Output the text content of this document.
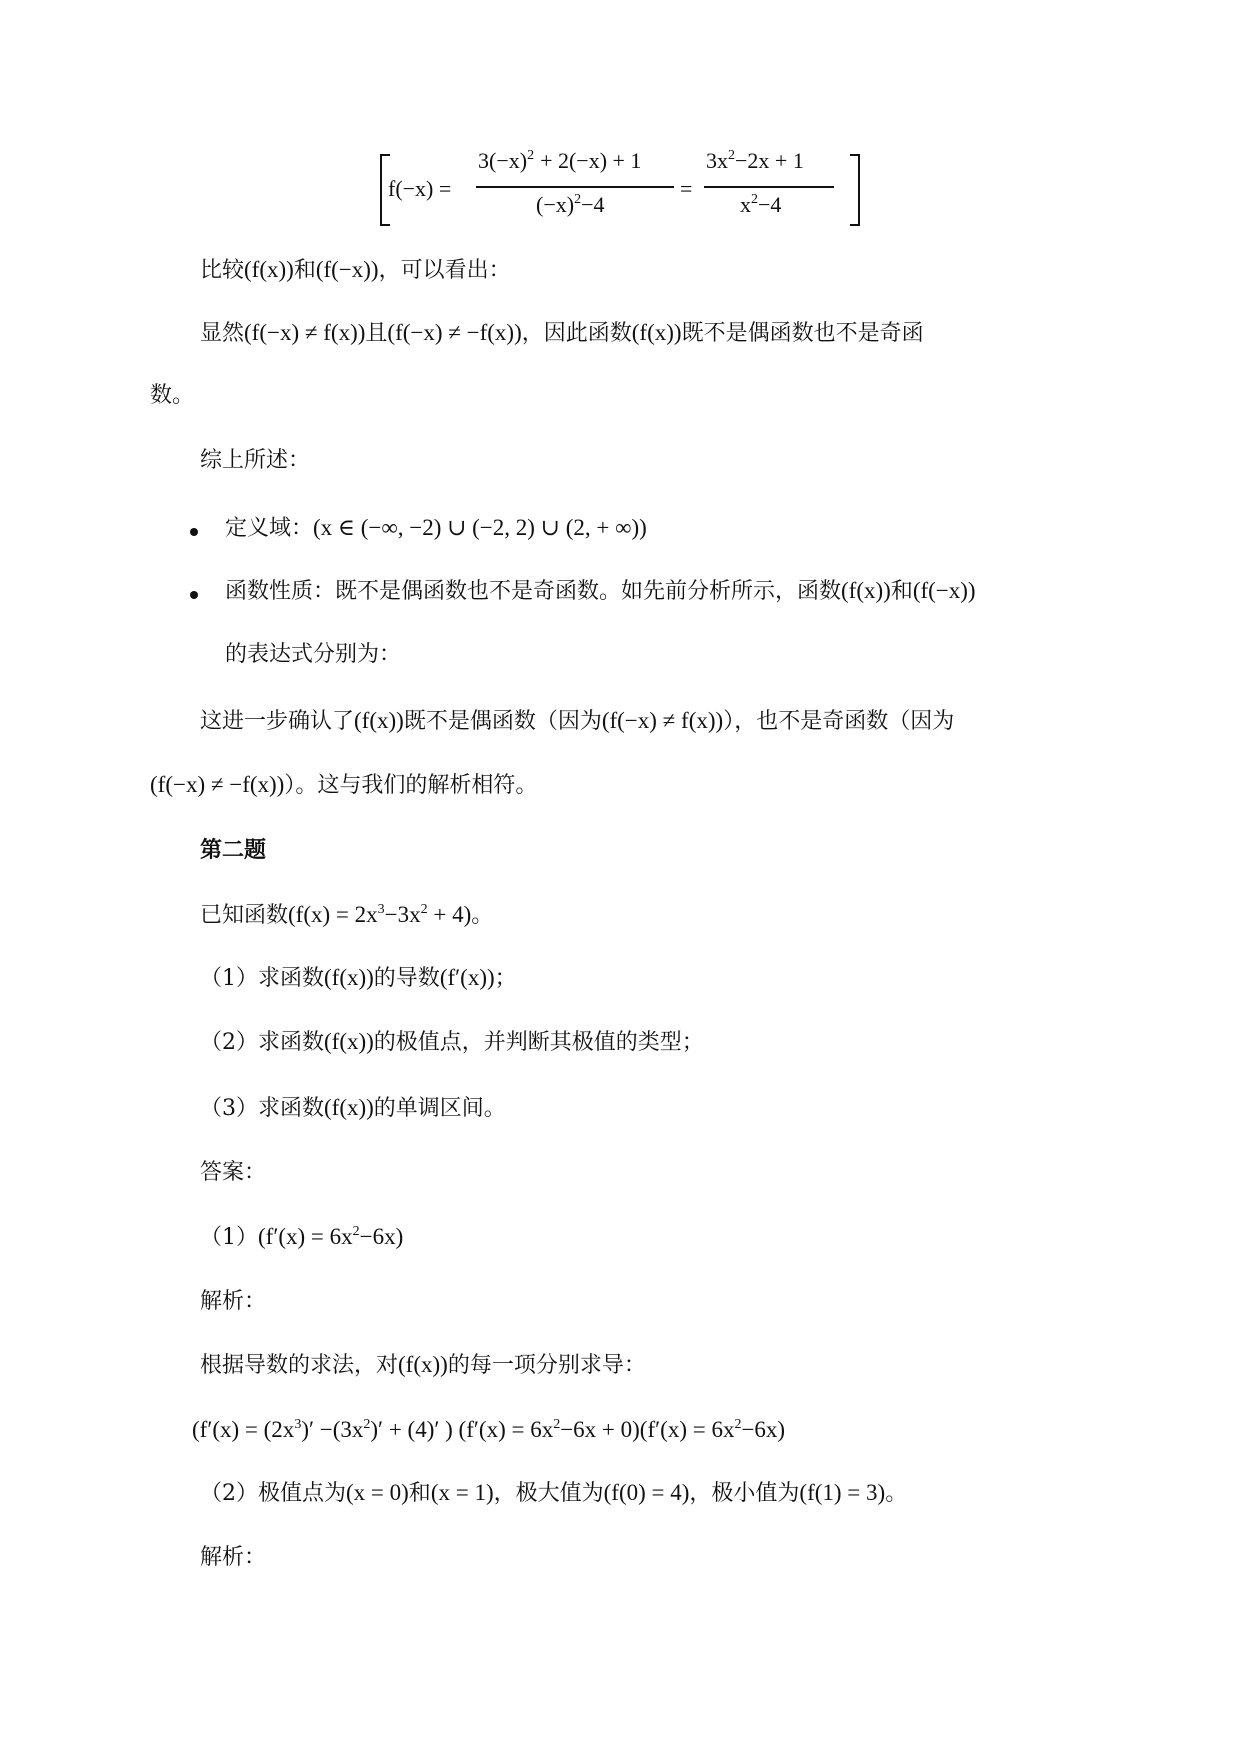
f(−x) =
$3(-x)^2 + 2(-x) + 1$
$(-x)^2-4$
=
$3x^2-2x + 1$
$x^2-4$
比较(f(x))和(f(−x))，可以看出：
显然(f(−x) ≠ f(x))且(f(−x) ≠ −f(x))，因此函数(f(x))既不是偶函数也不是奇函
数。
综上所述：
定义域：(x ∈ (−∞, −2) ∪ (−2, 2) ∪ (2, + ∞))
函数性质：既不是偶函数也不是奇函数。如先前分析所示，函数(f(x))和(f(−x))
的表达式分别为：
这进一步确认了(f(x))既不是偶函数（因为(f(−x) ≠ f(x))），也不是奇函数（因为
(f(−x) ≠ −f(x))）。这与我们的解析相符。
第二题
已知函数$(f(x) = 2x^3-3x^2 + 4)$。
（1）求函数(f(x))的导数(f′(x))；
（2）求函数(f(x))的极值点，并判断其极值的类型；
（3）求函数(f(x))的单调区间。
答案：
$(1)(f'(x) = 6x^2-6x)$
解析：
根据导数的求法，对(f(x))的每一项分别求导：
($f'(x) = (2x^3)' -(3x^2)' + (4)'$ ) $(f'(x) = 6x^2-6x + 0)(f'(x) = 6x^2-6x)$
（2）极值点为(x = 0)和(x = 1)，极大值为(f(0) = 4)，极小值为(f(1) = 3)。
解析：
